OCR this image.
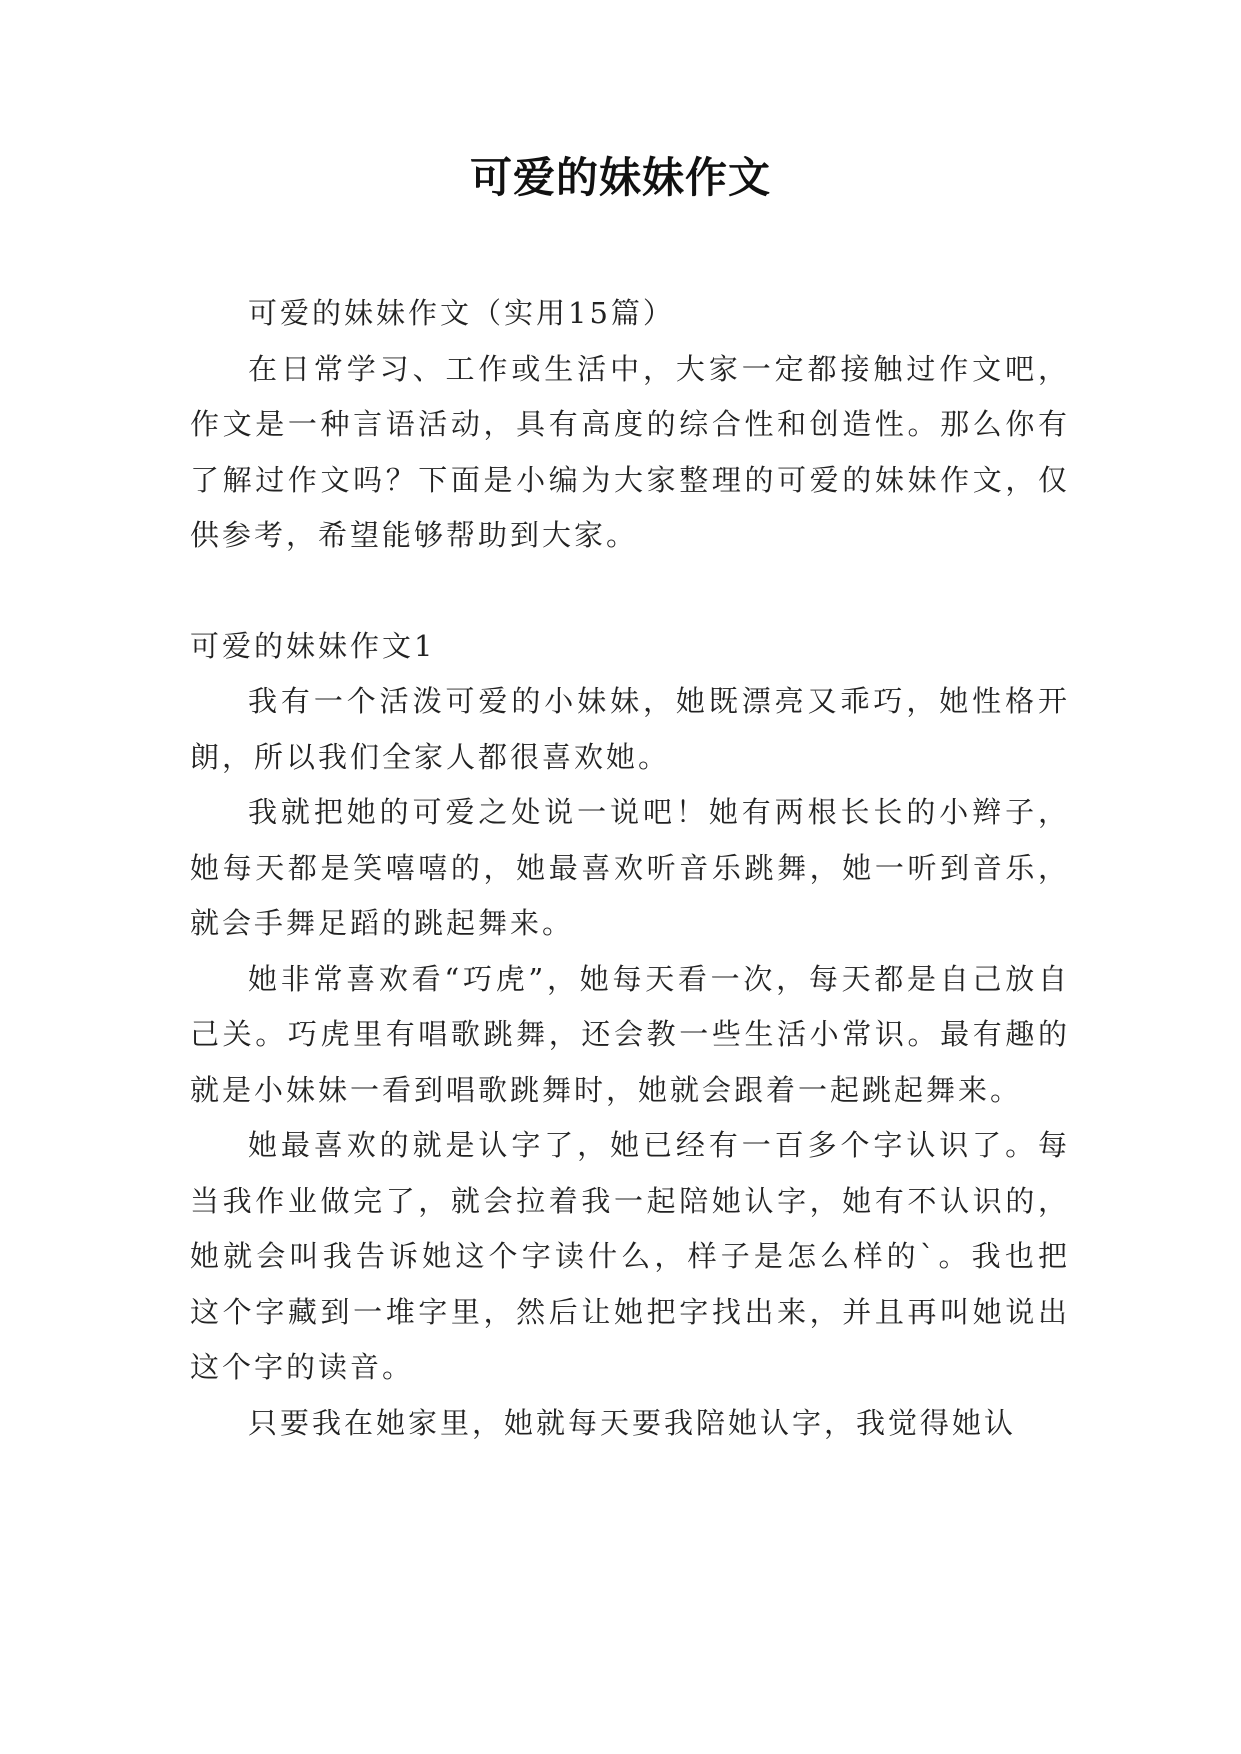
可爱的妹妹作文

可爱的妹妹作文（实用15篇）

在日常学习、工作或生活中，大家一定都接触过作文吧，作文是一种言语活动，具有高度的综合性和创造性。那么你有了解过作文吗？下面是小编为大家整理的可爱的妹妹作文，仅供参考，希望能够帮助到大家。

可爱的妹妹作文1

我有一个活泼可爱的小妹妹，她既漂亮又乖巧，她性格开朗，所以我们全家人都很喜欢她。

我就把她的可爱之处说一说吧！她有两根长长的小辫子，她每天都是笑嘻嘻的，她最喜欢听音乐跳舞，她一听到音乐，就会手舞足蹈的跳起舞来。

她非常喜欢看“巧虎”，她每天看一次，每天都是自己放自己关。巧虎里有唱歌跳舞，还会教一些生活小常识。最有趣的就是小妹妹一看到唱歌跳舞时，她就会跟着一起跳起舞来。

她最喜欢的就是认字了，她已经有一百多个字认识了。每当我作业做完了，就会拉着我一起陪她认字，她有不认识的，她就会叫我告诉她这个字读什么，样子是怎么样的`。我也把这个字藏到一堆字里，然后让她把字找出来，并且再叫她说出这个字的读音。

只要我在她家里，她就每天要我陪她认字，我觉得她认
